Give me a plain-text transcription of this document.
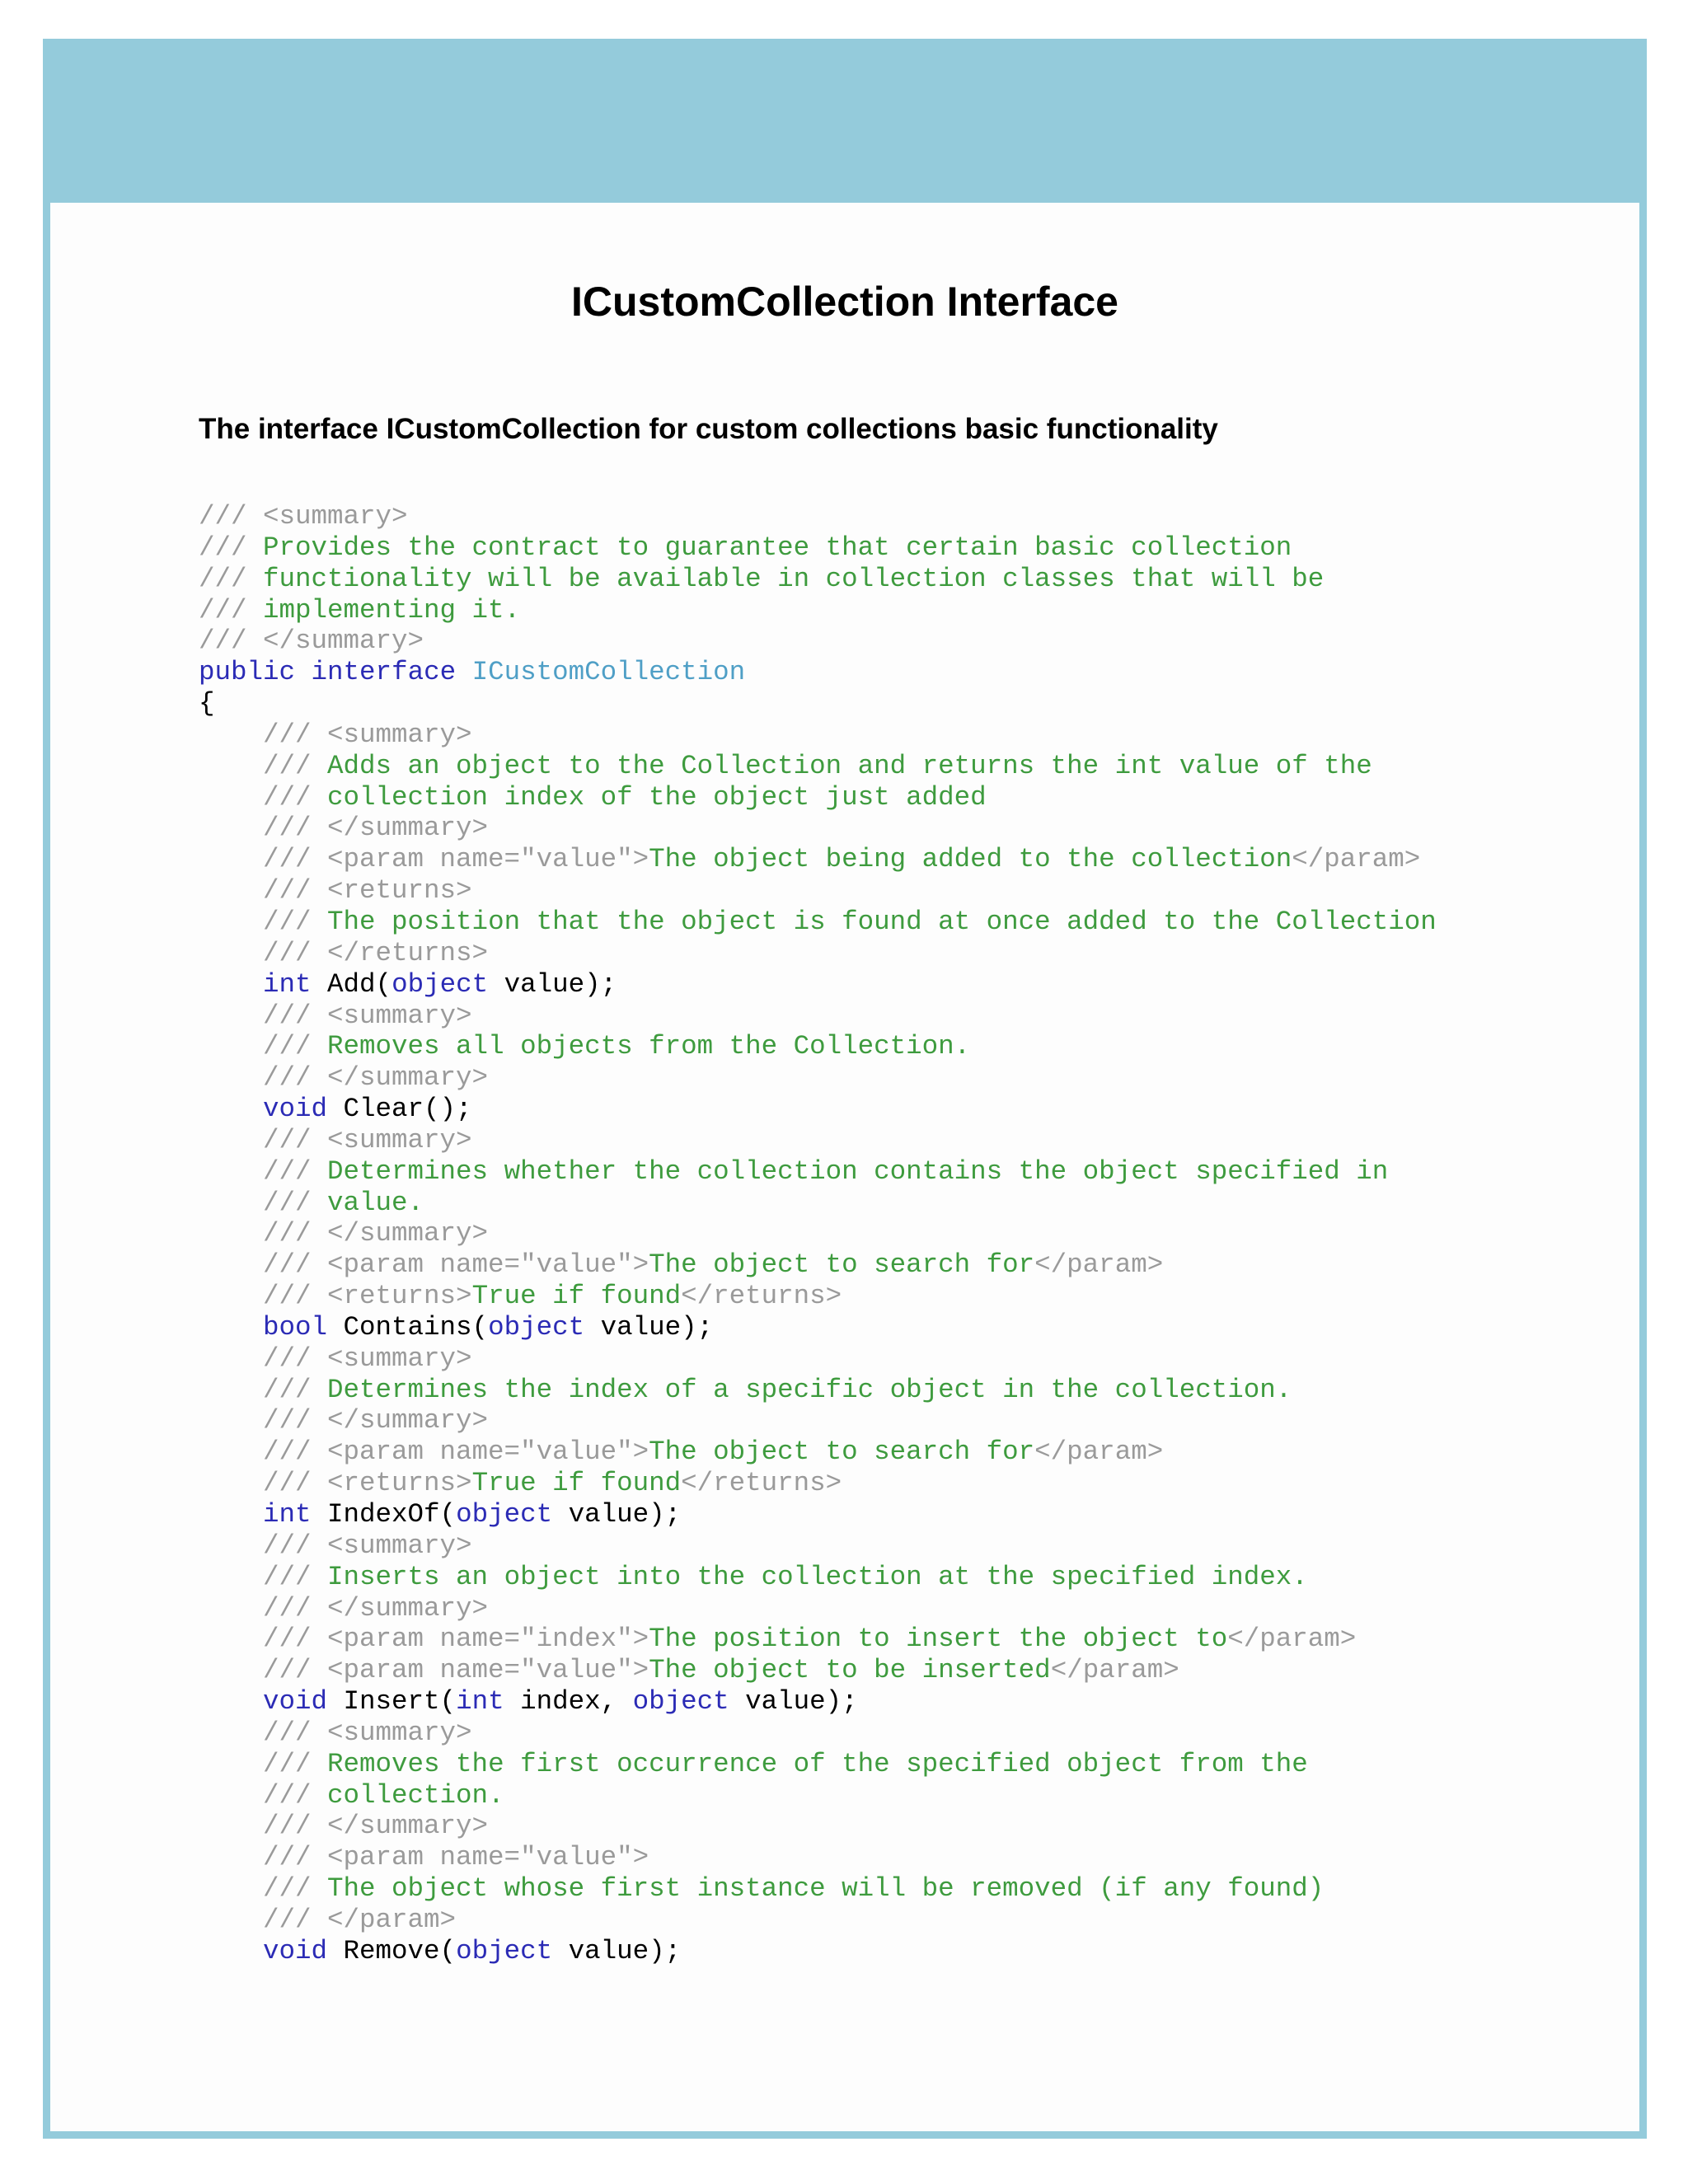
ICustomCollection Interface
The interface ICustomCollection for custom collections basic functionality
/// <summary>
/// Provides the contract to guarantee that certain basic collection
/// functionality will be available in collection classes that will be
/// implementing it.
/// </summary>
public interface ICustomCollection
{
/// <summary>
/// Adds an object to the Collection and returns the int value of the
/// collection index of the object just added
/// </summary>
/// <param name="value">The object being added to the collection</param>
/// <returns>
/// The position that the object is found at once added to the Collection
/// </returns>
int Add(object value);
/// <summary>
/// Removes all objects from the Collection.
/// </summary>
void Clear();
/// <summary>
/// Determines whether the collection contains the object specified in
/// value.
/// </summary>
/// <param name="value">The object to search for</param>
/// <returns>True if found</returns>
bool Contains(object value);
/// <summary>
/// Determines the index of a specific object in the collection.
/// </summary>
/// <param name="value">The object to search for</param>
/// <returns>True if found</returns>
int IndexOf(object value);
/// <summary>
/// Inserts an object into the collection at the specified index.
/// </summary>
/// <param name="index">The position to insert the object to</param>
/// <param name="value">The object to be inserted</param>
void Insert(int index, object value);
/// <summary>
/// Removes the first occurrence of the specified object from the
/// collection.
/// </summary>
/// <param name="value">
/// The object whose first instance will be removed (if any found)
/// </param>
void Remove(object value);
